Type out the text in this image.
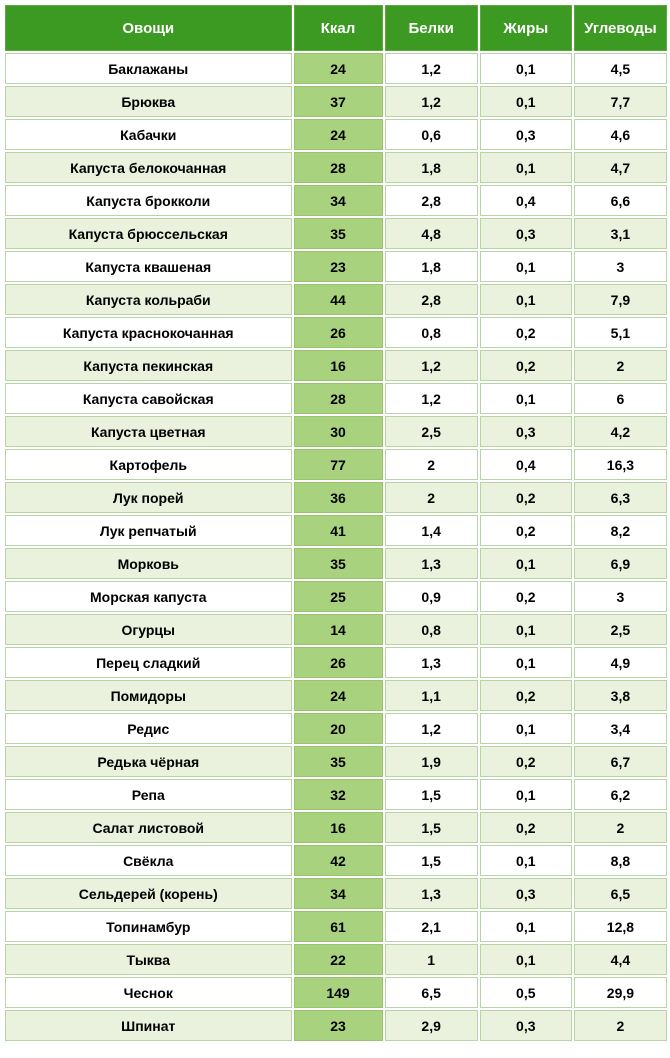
Овощи	Ккал	Белки	Жиры	Углеводы
Баклажаны	24	1,2	0,1	4,5
Брюква	37	1,2	0,1	7,7
Кабачки	24	0,6	0,3	4,6
Капуста белокочанная	28	1,8	0,1	4,7
Капуста брокколи	34	2,8	0,4	6,6
Капуста брюссельская	35	4,8	0,3	3,1
Капуста квашеная	23	1,8	0,1	3
Капуста кольраби	44	2,8	0,1	7,9
Капуста краснокочанная	26	0,8	0,2	5,1
Капуста пекинская	16	1,2	0,2	2
Капуста савойская	28	1,2	0,1	6
Капуста цветная	30	2,5	0,3	4,2
Картофель	77	2	0,4	16,3
Лук порей	36	2	0,2	6,3
Лук репчатый	41	1,4	0,2	8,2
Морковь	35	1,3	0,1	6,9
Морская капуста	25	0,9	0,2	3
Огурцы	14	0,8	0,1	2,5
Перец сладкий	26	1,3	0,1	4,9
Помидоры	24	1,1	0,2	3,8
Редис	20	1,2	0,1	3,4
Редька чёрная	35	1,9	0,2	6,7
Репа	32	1,5	0,1	6,2
Салат листовой	16	1,5	0,2	2
Свёкла	42	1,5	0,1	8,8
Сельдерей (корень)	34	1,3	0,3	6,5
Топинамбур	61	2,1	0,1	12,8
Тыква	22	1	0,1	4,4
Чеснок	149	6,5	0,5	29,9
Шпинат	23	2,9	0,3	2
